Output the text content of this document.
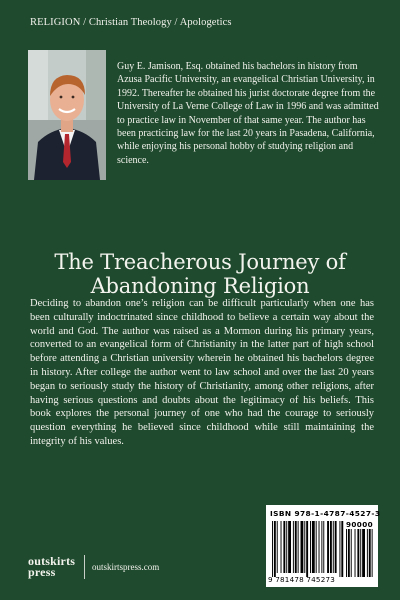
RELIGION / Christian Theology / Apologetics

Guy E. Jamison, Esq. obtained his bachelors in history from Azusa Pacific University, an evangelical Christian University, in 1992. Thereafter he obtained his jurist doctorate degree from the University of La Verne College of Law in 1996 and was admitted to practice law in November of that same year. The author has been practicing law for the last 20 years in Pasadena, California, while enjoying his personal hobby of studying religion and science.

The Treacherous Journey of
Abandoning Religion

Deciding to abandon one’s religion can be difficult particularly when one has been culturally indoctrinated since childhood to believe a certain way about the world and God. The author was raised as a Mormon during his primary years, converted to an evangelical form of Christianity in the latter part of high school before attending a Christian university wherein he obtained his bachelors degree in history. After college the author went to law school and over the last 20 years began to seriously study the history of Christianity, among other religions, after having serious questions and doubts about the legitimacy of his beliefs. This book explores the personal journey of one who had the courage to seriously question everything he believed since childhood while still maintaining the integrity of his values.

outskirts
press	outskirtspress.com
ISBN 978-1-4787-4527-3
90000
9 781478 745273
